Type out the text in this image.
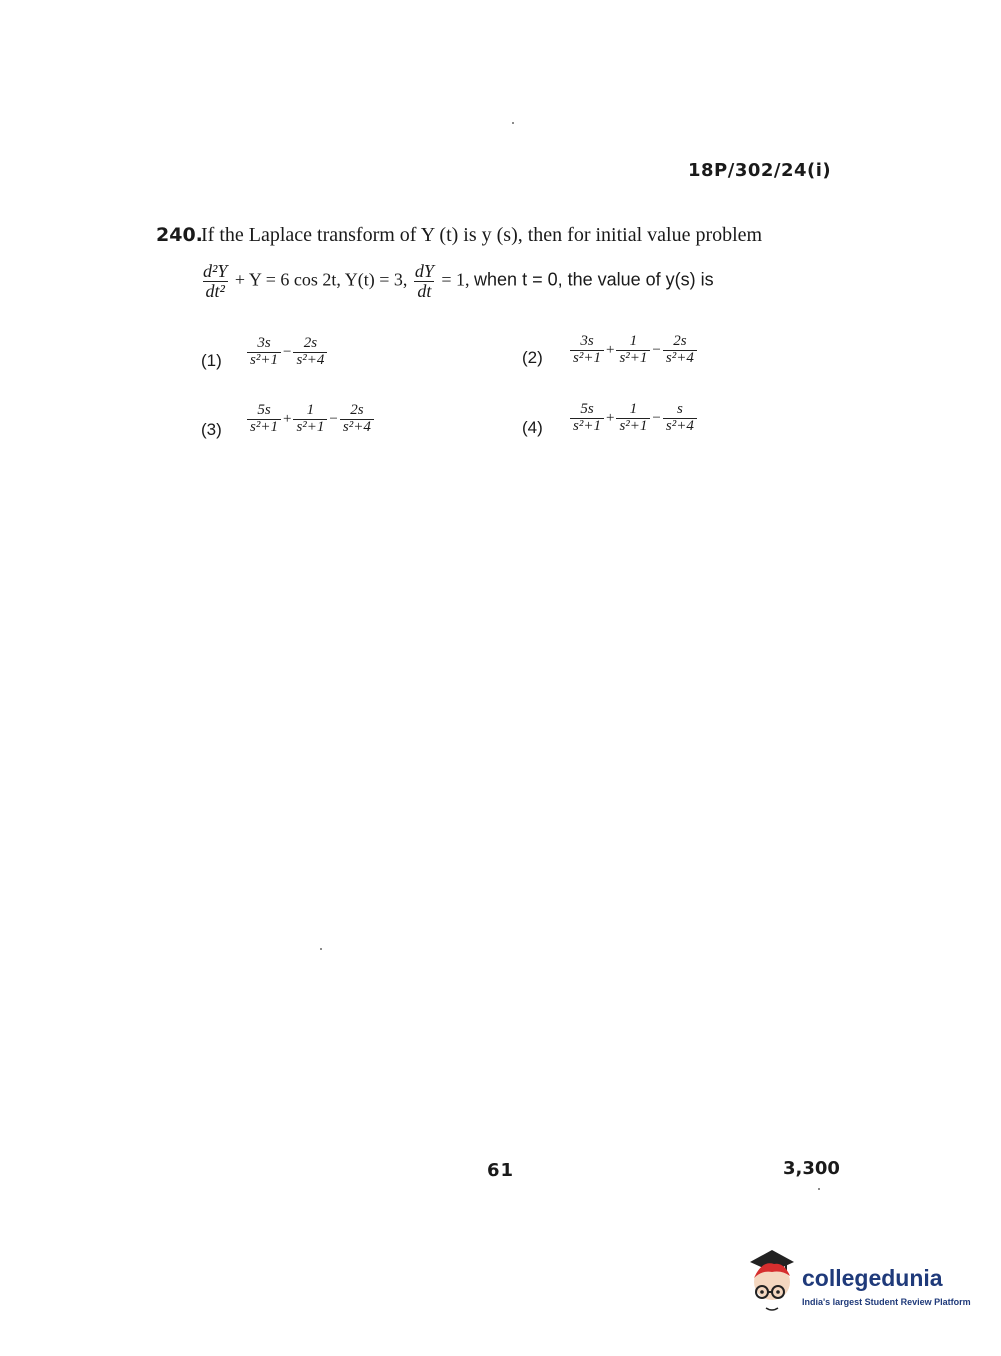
18P/302/24(i)
240.
If the Laplace transform of Y (t) is y (s), then for initial value problem
$\frac{\text{d²Y}}{\text{dt²}} + Y = 6$ cos 2t, Y(t) = 3, $\frac{dY}{dt} = 1$, when t = 0, the value of y(s) is
$(1) \frac{3s}{\text{s²+1}} - \frac{2s}{\text{s²+4}}$	$(2) \frac{3s}{\text{s²+1}} + \frac{1}{\text{s²+1}} - \frac{2s}{\text{s²+4}}$
$(3) \frac{5s}{\text{s²+1}} + \frac{1}{\text{s²+1}} - \frac{2s}{\text{s²+4}}$	$(4) \frac{5s}{\text{s²+1}} + \frac{1}{\text{s²+1}} - \frac{s}{\text{s²+4}}$
61	3,300
collegedunia
India's largest Student Review Platform
